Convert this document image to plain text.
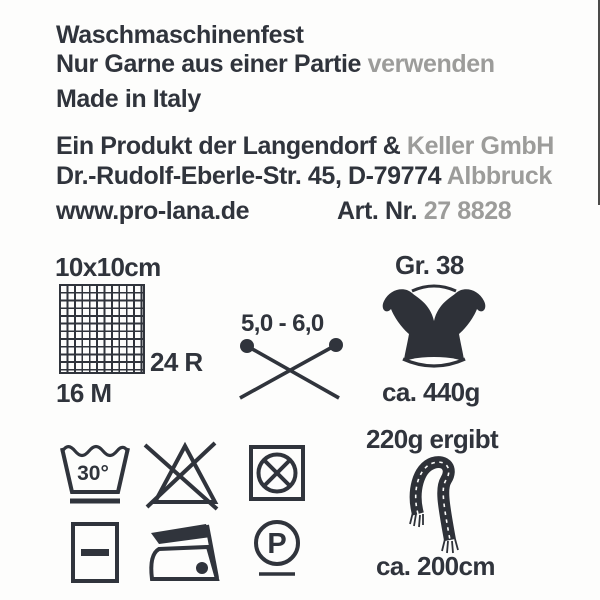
Waschmaschinenfest
Nur Garne aus einer Partie verwenden
Made in Italy
Ein Produkt der Langendorf & Keller GmbH
Dr.-Rudolf-Eberle-Str. 45, D-79774 Albbruck
www.pro-lana.de	Art. Nr. 27 8828
10x10cm
24 R
16 M
5,0 - 6,0
Gr. 38
ca. 440g
220g ergibt
ca. 200cm
30°
P
